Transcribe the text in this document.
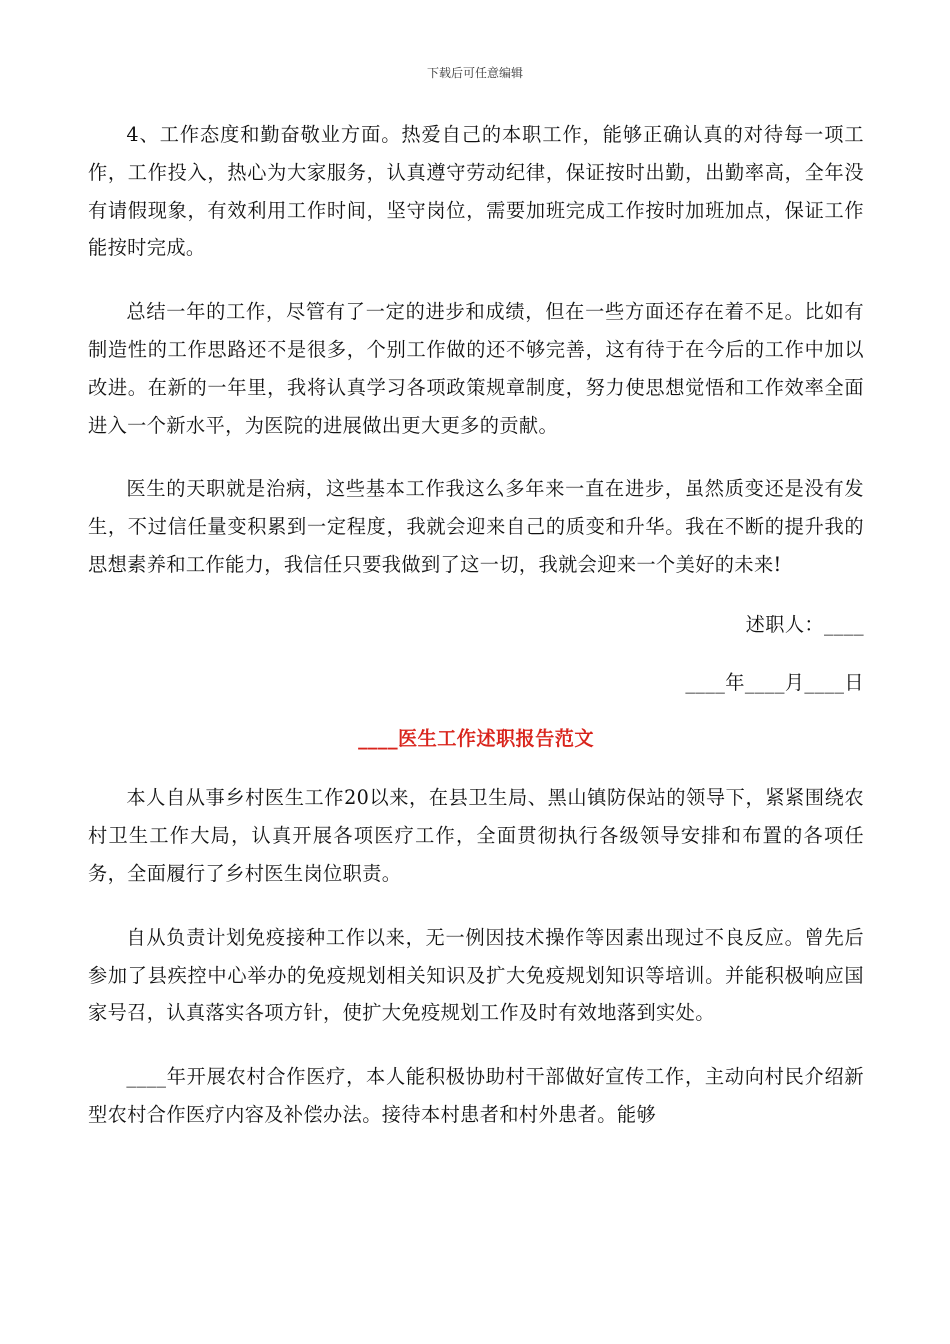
下载后可任意编辑

4、工作态度和勤奋敬业方面。热爱自己的本职工作，能够正确认真的对待每一项工作，工作投入，热心为大家服务，认真遵守劳动纪律，保证按时出勤，出勤率高，全年没有请假现象，有效利用工作时间，坚守岗位，需要加班完成工作按时加班加点，保证工作能按时完成。

总结一年的工作，尽管有了一定的进步和成绩，但在一些方面还存在着不足。比如有制造性的工作思路还不是很多，个别工作做的还不够完善，这有待于在今后的工作中加以改进。在新的一年里，我将认真学习各项政策规章制度，努力使思想觉悟和工作效率全面进入一个新水平，为医院的进展做出更大更多的贡献。

医生的天职就是治病，这些基本工作我这么多年来一直在进步，虽然质变还是没有发生，不过信任量变积累到一定程度，我就会迎来自己的质变和升华。我在不断的提升我的思想素养和工作能力，我信任只要我做到了这一切，我就会迎来一个美好的未来!

述职人：____

____年____月____日

____医生工作述职报告范文

本人自从事乡村医生工作20以来，在县卫生局、黑山镇防保站的领导下，紧紧围绕农村卫生工作大局，认真开展各项医疗工作，全面贯彻执行各级领导安排和布置的各项任务，全面履行了乡村医生岗位职责。

自从负责计划免疫接种工作以来，无一例因技术操作等因素出现过不良反应。曾先后参加了县疾控中心举办的免疫规划相关知识及扩大免疫规划知识等培训。并能积极响应国家号召，认真落实各项方针，使扩大免疫规划工作及时有效地落到实处。

____年开展农村合作医疗，本人能积极协助村干部做好宣传工作，主动向村民介绍新型农村合作医疗内容及补偿办法。接待本村患者和村外患者。能够
